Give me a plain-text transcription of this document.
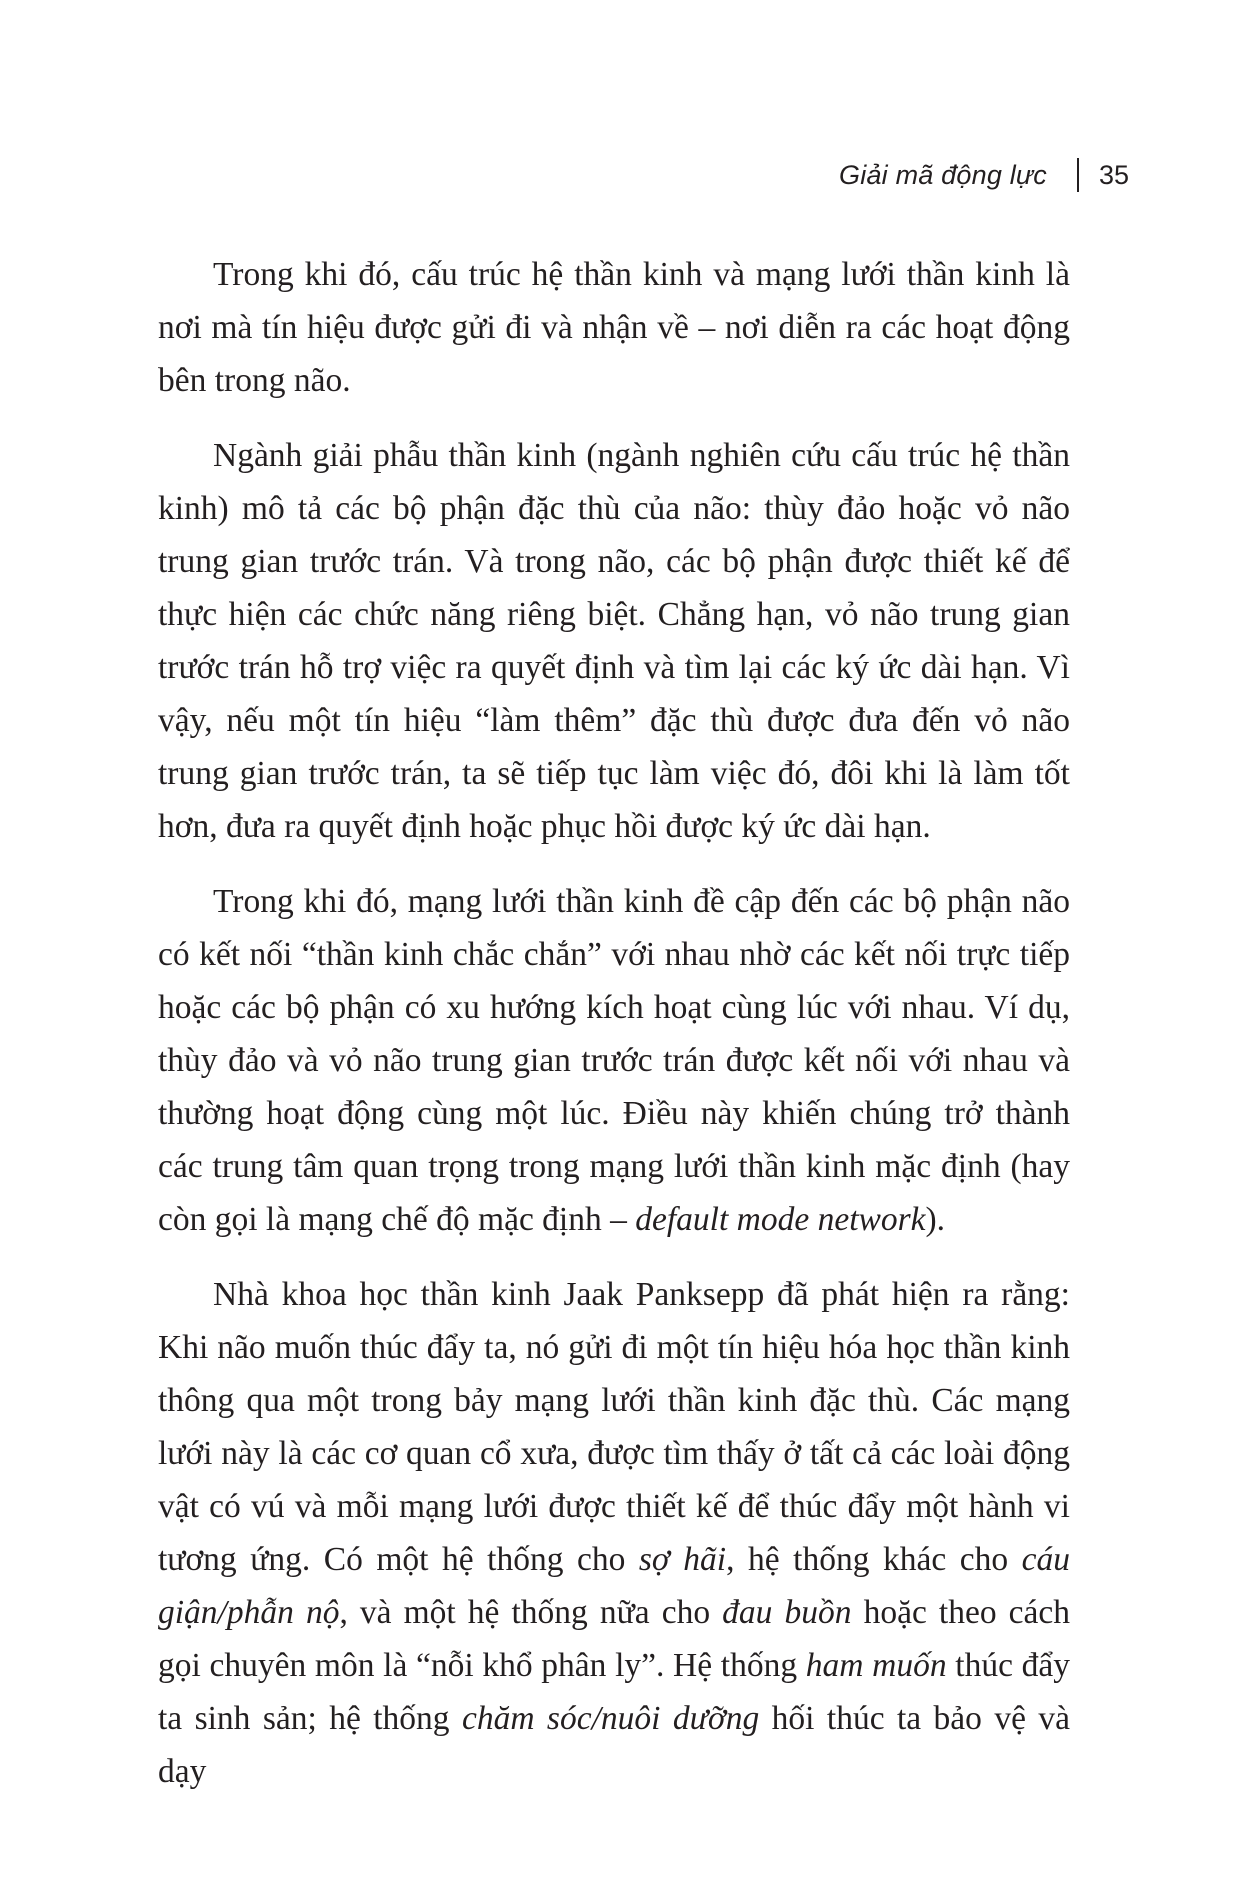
Giải mã động lực 35

Trong khi đó, cấu trúc hệ thần kinh và mạng lưới thần kinh là nơi mà tín hiệu được gửi đi và nhận về – nơi diễn ra các hoạt động bên trong não.

Ngành giải phẫu thần kinh (ngành nghiên cứu cấu trúc hệ thần kinh) mô tả các bộ phận đặc thù của não: thùy đảo hoặc vỏ não trung gian trước trán. Và trong não, các bộ phận được thiết kế để thực hiện các chức năng riêng biệt. Chẳng hạn, vỏ não trung gian trước trán hỗ trợ việc ra quyết định và tìm lại các ký ức dài hạn. Vì vậy, nếu một tín hiệu “làm thêm” đặc thù được đưa đến vỏ não trung gian trước trán, ta sẽ tiếp tục làm việc đó, đôi khi là làm tốt hơn, đưa ra quyết định hoặc phục hồi được ký ức dài hạn.

Trong khi đó, mạng lưới thần kinh đề cập đến các bộ phận não có kết nối “thần kinh chắc chắn” với nhau nhờ các kết nối trực tiếp hoặc các bộ phận có xu hướng kích hoạt cùng lúc với nhau. Ví dụ, thùy đảo và vỏ não trung gian trước trán được kết nối với nhau và thường hoạt động cùng một lúc. Điều này khiến chúng trở thành các trung tâm quan trọng trong mạng lưới thần kinh mặc định (hay còn gọi là mạng chế độ mặc định – default mode network).

Nhà khoa học thần kinh Jaak Panksepp đã phát hiện ra rằng: Khi não muốn thúc đẩy ta, nó gửi đi một tín hiệu hóa học thần kinh thông qua một trong bảy mạng lưới thần kinh đặc thù. Các mạng lưới này là các cơ quan cổ xưa, được tìm thấy ở tất cả các loài động vật có vú và mỗi mạng lưới được thiết kế để thúc đẩy một hành vi tương ứng. Có một hệ thống cho sợ hãi, hệ thống khác cho cáu giận/phẫn nộ, và một hệ thống nữa cho đau buồn hoặc theo cách gọi chuyên môn là “nỗi khổ phân ly”. Hệ thống ham muốn thúc đẩy ta sinh sản; hệ thống chăm sóc/nuôi dưỡng hối thúc ta bảo vệ và dạy
